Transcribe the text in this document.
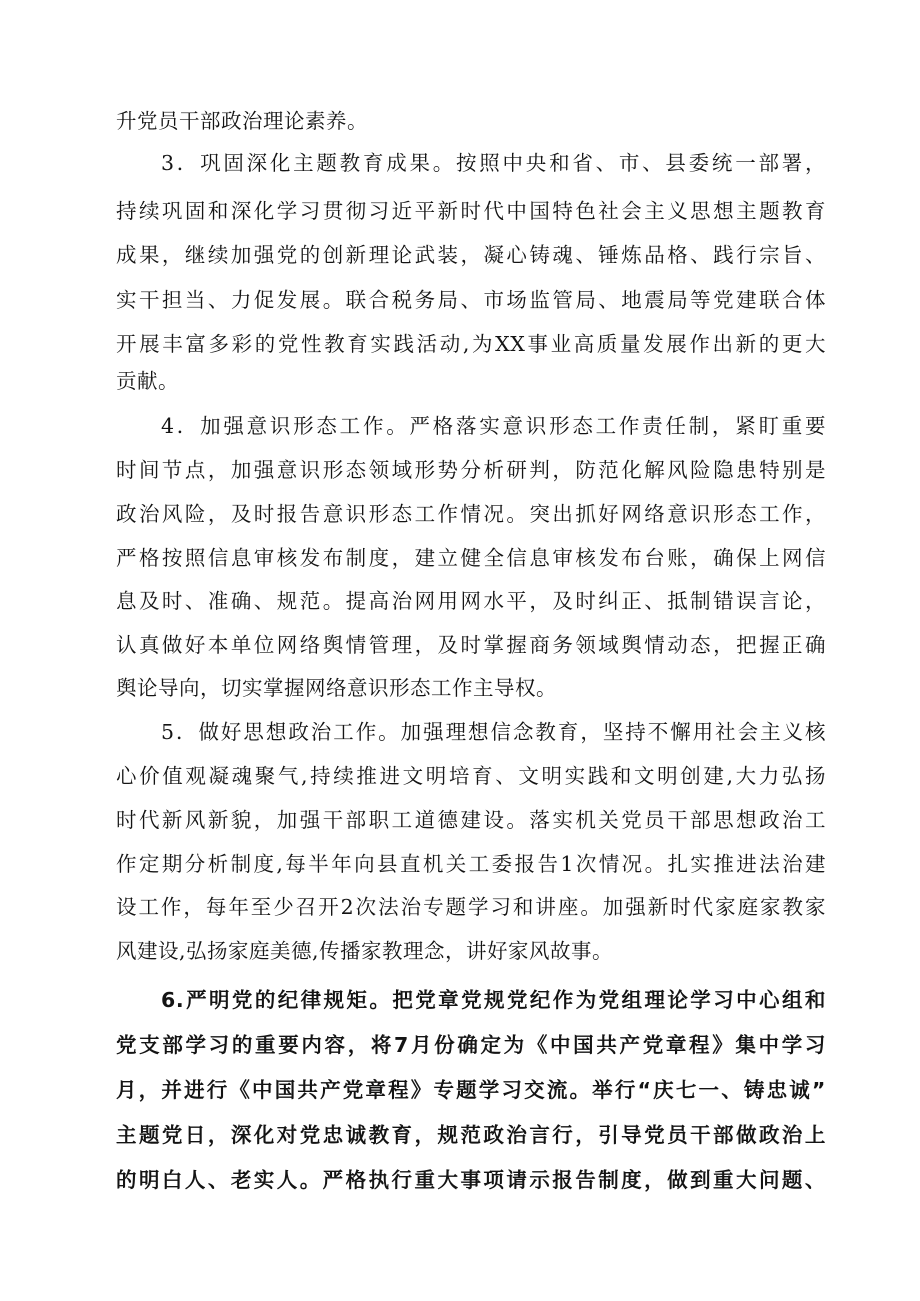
升党员干部政治理论素养。
3．巩固深化主题教育成果。按照中央和省、市、县委统一部署，
持续巩固和深化学习贯彻习近平新时代中国特色社会主义思想主题教育
成果，继续加强党的创新理论武装，凝心铸魂、锤炼品格、践行宗旨、
实干担当、力促发展。联合税务局、市场监管局、地震局等党建联合体
开展丰富多彩的党性教育实践活动,为XX事业高质量发展作出新的更大
贡献。
4．加强意识形态工作。严格落实意识形态工作责任制，紧盯重要
时间节点，加强意识形态领域形势分析研判，防范化解风险隐患特别是
政治风险，及时报告意识形态工作情况。突出抓好网络意识形态工作，
严格按照信息审核发布制度，建立健全信息审核发布台账，确保上网信
息及时、准确、规范。提高治网用网水平，及时纠正、抵制错误言论，
认真做好本单位网络舆情管理，及时掌握商务领域舆情动态，把握正确
舆论导向，切实掌握网络意识形态工作主导权。
5．做好思想政治工作。加强理想信念教育，坚持不懈用社会主义核
心价值观凝魂聚气,持续推进文明培育、文明实践和文明创建,大力弘扬
时代新风新貌，加强干部职工道德建设。落实机关党员干部思想政治工
作定期分析制度,每半年向县直机关工委报告1次情况。扎实推进法治建
设工作，每年至少召开2次法治专题学习和讲座。加强新时代家庭家教家
风建设,弘扬家庭美德,传播家教理念，讲好家风故事。
6.严明党的纪律规矩。把党章党规党纪作为党组理论学习中心组和
党支部学习的重要内容，将7月份确定为《中国共产党章程》集中学习
月，并进行《中国共产党章程》专题学习交流。举行“庆七一、铸忠诚”
主题党日，深化对党忠诚教育，规范政治言行，引导党员干部做政治上
的明白人、老实人。严格执行重大事项请示报告制度，做到重大问题、
